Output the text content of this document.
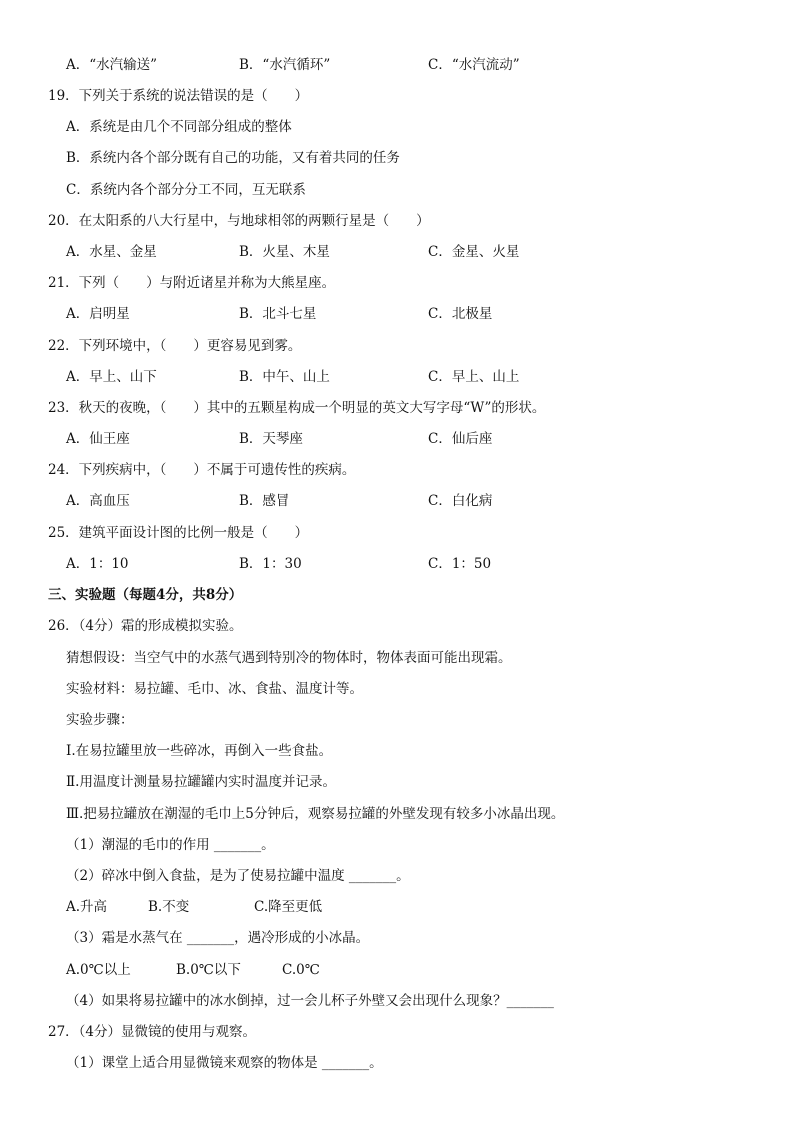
A．“水汽输送”	B．“水汽循环”	C．“水汽流动”
19．下列关于系统的说法错误的是（　　）
A．系统是由几个不同部分组成的整体
B．系统内各个部分既有自己的功能，又有着共同的任务
C．系统内各个部分分工不同，互无联系
20．在太阳系的八大行星中，与地球相邻的两颗行星是（　　）
A．水星、金星	B．火星、木星	C．金星、火星
21．下列（　　）与附近诸星并称为大熊星座。
A．启明星	B．北斗七星	C．北极星
22．下列环境中，（　　）更容易见到雾。
A．早上、山下	B．中午、山上	C．早上、山上
23．秋天的夜晚，（　　）其中的五颗星构成一个明显的英文大写字母“W”的形状。
A．仙王座	B．天琴座	C．仙后座
24．下列疾病中，（　　）不属于可遗传性的疾病。
A．高血压	B．感冒	C．白化病
25．建筑平面设计图的比例一般是（　　）
A．1：10	B．1：30	C．1：50
三、实验题（每题4分，共8分）
26．（4分）霜的形成模拟实验。
猜想假设：当空气中的水蒸气遇到特别冷的物体时，物体表面可能出现霜。
实验材料：易拉罐、毛巾、冰、食盐、温度计等。
实验步骤：
Ⅰ.在易拉罐里放一些碎冰，再倒入一些食盐。
Ⅱ.用温度计测量易拉罐罐内实时温度并记录。
Ⅲ.把易拉罐放在潮湿的毛巾上5分钟后，观察易拉罐的外壁发现有较多小冰晶出现。
（1）潮湿的毛巾的作用 _______。
（2）碎冰中倒入食盐，是为了使易拉罐中温度 _______。
A.升高	B.不变	C.降至更低
（3）霜是水蒸气在 _______，遇冷形成的小冰晶。
A.0℃以上	B.0℃以下	C.0℃
（4）如果将易拉罐中的冰水倒掉，过一会儿杯子外壁又会出现什么现象？_______
27．（4分）显微镜的使用与观察。
（1）课堂上适合用显微镜来观察的物体是 _______。
